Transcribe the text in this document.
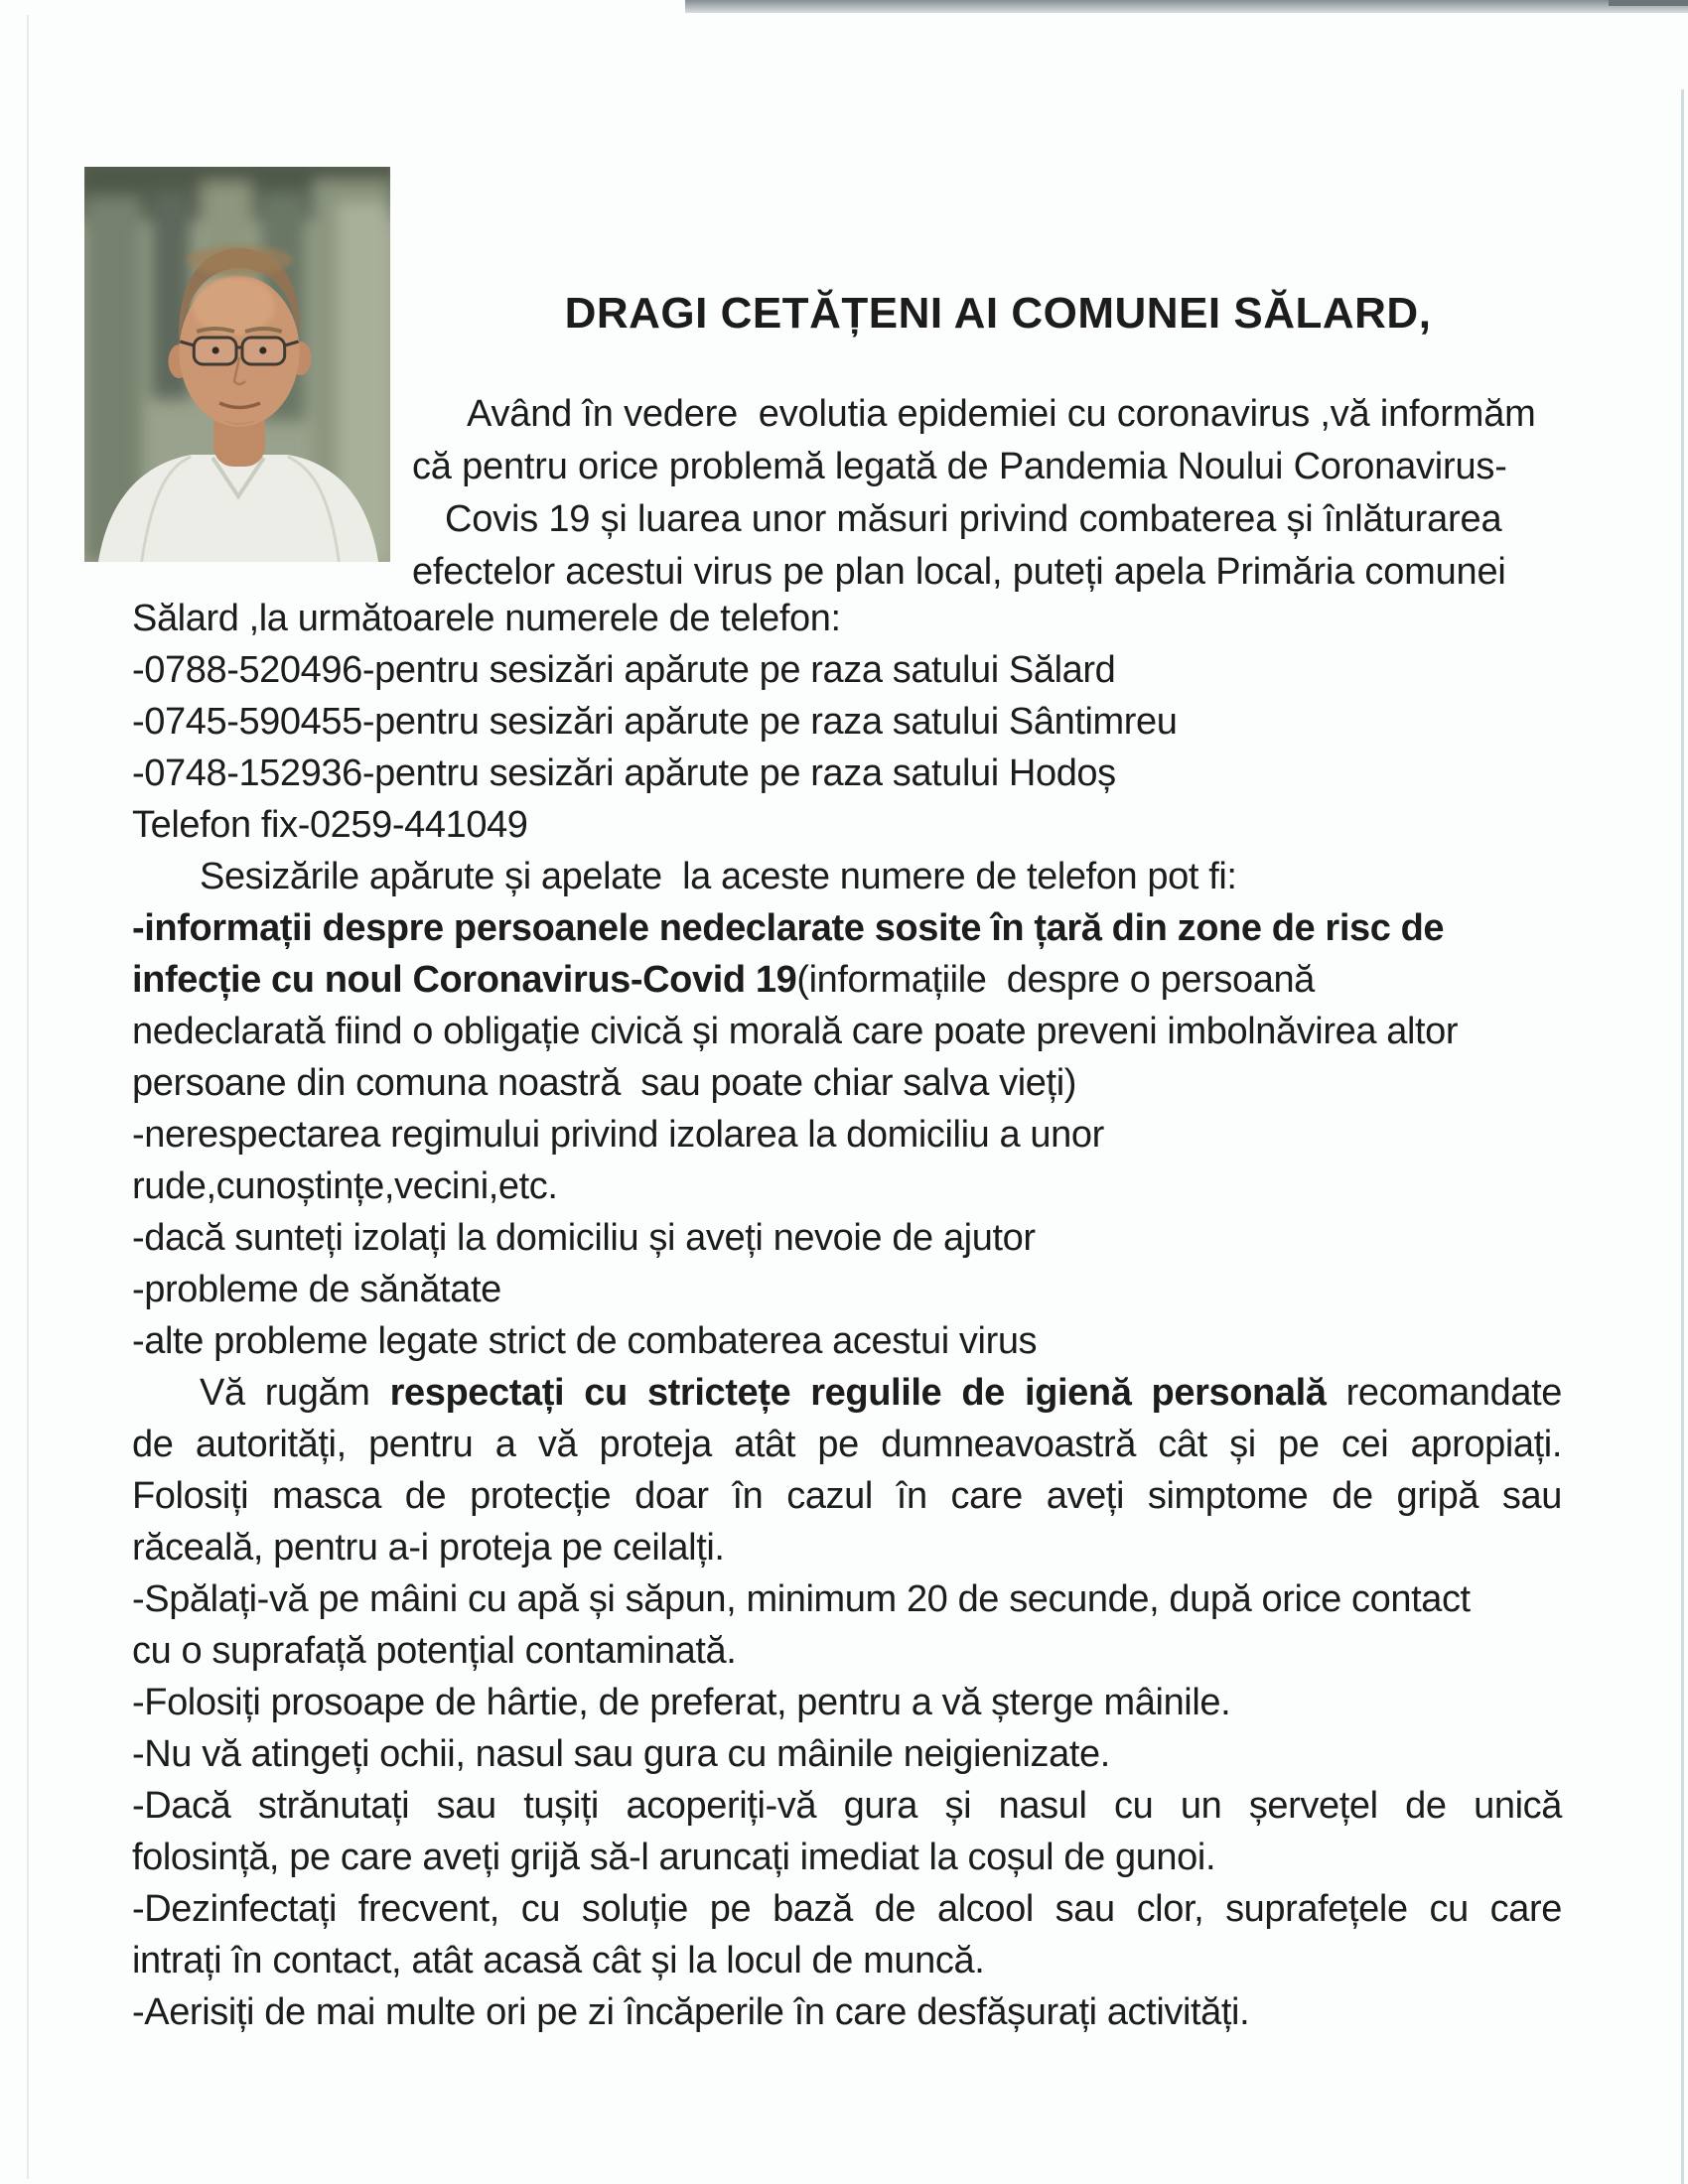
DRAGI CETĂȚENI AI COMUNEI SĂLARD,
Având în vedere  evolutia epidemiei cu coronavirus ,vă informăm
că pentru orice problemă legată de Pandemia Noului Coronavirus-
Covis 19 și luarea unor măsuri privind combaterea și înlăturarea
efectelor acestui virus pe plan local, puteți apela Primăria comunei
Sălard ,la următoarele numerele de telefon:
-0788-520496-pentru sesizări apărute pe raza satului Sălard
-0745-590455-pentru sesizări apărute pe raza satului Sântimreu
-0748-152936-pentru sesizări apărute pe raza satului Hodoș
Telefon fix-0259-441049
Sesizările apărute și apelate  la aceste numere de telefon pot fi:
-informații despre persoanele nedeclarate sosite în țară din zone de risc de
infecție cu noul Coronavirus-Covid 19(informațiile  despre o persoană
nedeclarată fiind o obligație civică și morală care poate preveni imbolnăvirea altor
persoane din comuna noastră  sau poate chiar salva vieți)
-nerespectarea regimului privind izolarea la domiciliu a unor
rude,cunoștințe,vecini,etc.
-dacă sunteți izolați la domiciliu și aveți nevoie de ajutor
-probleme de sănătate
-alte probleme legate strict de combaterea acestui virus
Vă rugăm respectați cu strictețe regulile de igienă personală recomandate
de autorități, pentru a vă proteja atât pe dumneavoastră cât și pe cei apropiați.
Folosiți masca de protecție doar în cazul în care aveți simptome de gripă sau
răceală, pentru a-i proteja pe ceilalți.
-Spălați-vă pe mâini cu apă și săpun, minimum 20 de secunde, după orice contact
cu o suprafață potențial contaminată.
-Folosiți prosoape de hârtie, de preferat, pentru a vă șterge mâinile.
-Nu vă atingeți ochii, nasul sau gura cu mâinile neigienizate.
-Dacă strănutați sau tușiți acoperiți-vă gura și nasul cu un șervețel de unică
folosință, pe care aveți grijă să-l aruncați imediat la coșul de gunoi.
-Dezinfectați frecvent, cu soluție pe bază de alcool sau clor, suprafețele cu care
intrați în contact, atât acasă cât și la locul de muncă.
-Aerisiți de mai multe ori pe zi încăperile în care desfășurați activități.
